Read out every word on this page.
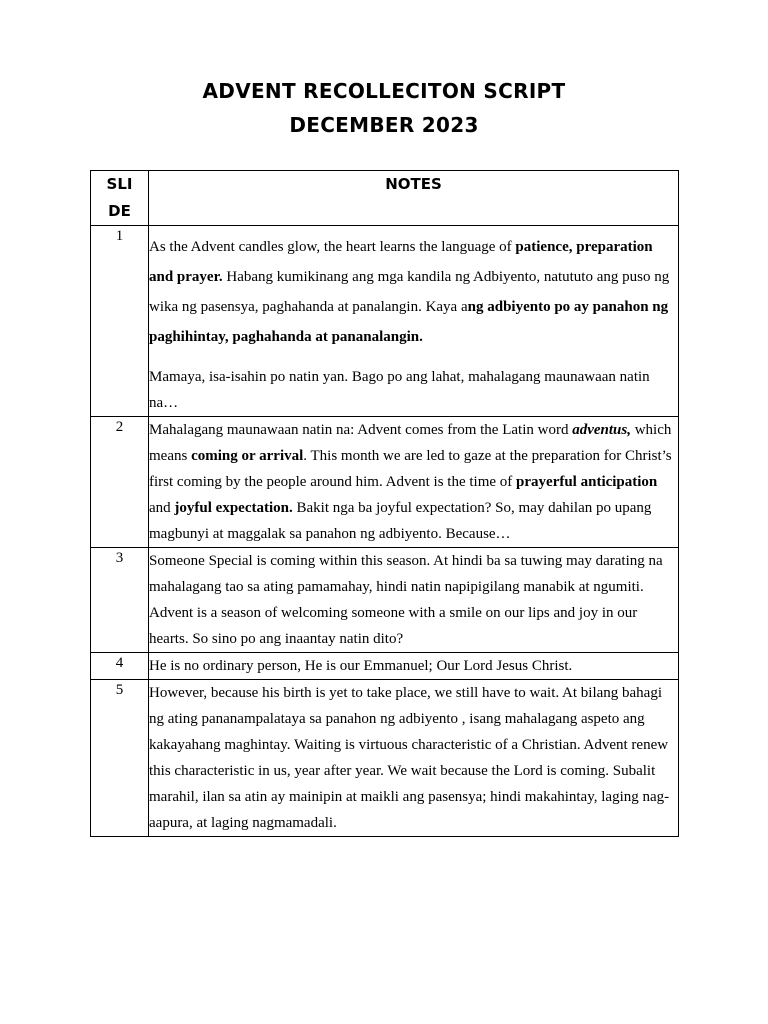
ADVENT RECOLLECITON SCRIPT
DECEMBER 2023
SLI
DE	NOTES
1	As the Advent candles glow, the heart learns the language of patience, preparation and prayer. Habang kumikinang ang mga kandila ng Adbiyento, natututo ang puso ng wika ng pasensya, paghahanda at panalangin. Kaya ang adbiyento po ay panahon ng paghihintay, paghahanda at pananalangin.

Mamaya, isa-isahin po natin yan. Bago po ang lahat, mahalagang maunawaan natin na…

2	Mahalagang maunawaan natin na: Advent comes from the Latin word adventus, which means coming or arrival. This month we are led to gaze at the preparation for Christ’s first coming by the people around him. Advent is the time of prayerful anticipation and joyful expectation. Bakit nga ba joyful expectation? So, may dahilan po upang magbunyi at maggalak sa panahon ng adbiyento. Because…
3	Someone Special is coming within this season. At hindi ba sa tuwing may darating na mahalagang tao sa ating pamamahay, hindi natin napipigilang manabik at ngumiti. Advent is a season of welcoming someone with a smile on our lips and joy in our hearts. So sino po ang inaantay natin dito?
4	He is no ordinary person, He is our Emmanuel; Our Lord Jesus Christ.
5	However, because his birth is yet to take place, we still have to wait. At bilang bahagi ng ating pananampalataya sa panahon ng adbiyento , isang mahalagang aspeto ang kakayahang maghintay. Waiting is virtuous characteristic of a Christian. Advent renew this characteristic in us, year after year. We wait because the Lord is coming. Subalit marahil, ilan sa atin ay mainipin at maikli ang pasensya; hindi makahintay, laging nag-aapura, at laging nagmamadali.
